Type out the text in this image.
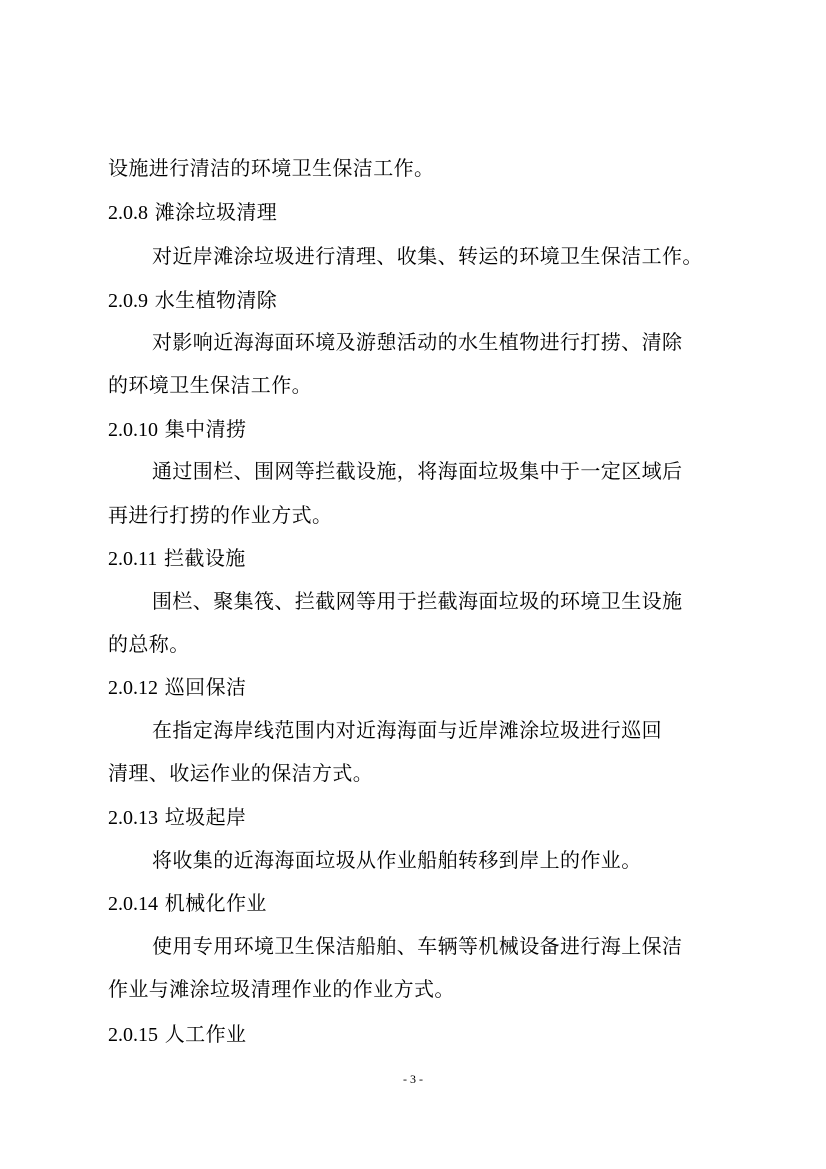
设施进行清洁的环境卫生保洁工作。
2.0.8 滩涂垃圾清理
对近岸滩涂垃圾进行清理、收集、转运的环境卫生保洁工作。
2.0.9 水生植物清除
对影响近海海面环境及游憩活动的水生植物进行打捞、清除
的环境卫生保洁工作。
2.0.10 集中清捞
通过围栏、围网等拦截设施，将海面垃圾集中于一定区域后
再进行打捞的作业方式。
2.0.11 拦截设施
围栏、聚集筏、拦截网等用于拦截海面垃圾的环境卫生设施
的总称。
2.0.12 巡回保洁
在指定海岸线范围内对近海海面与近岸滩涂垃圾进行巡回
清理、收运作业的保洁方式。
2.0.13 垃圾起岸
将收集的近海海面垃圾从作业船舶转移到岸上的作业。
2.0.14 机械化作业
使用专用环境卫生保洁船舶、车辆等机械设备进行海上保洁
作业与滩涂垃圾清理作业的作业方式。
2.0.15 人工作业
- 3 -
